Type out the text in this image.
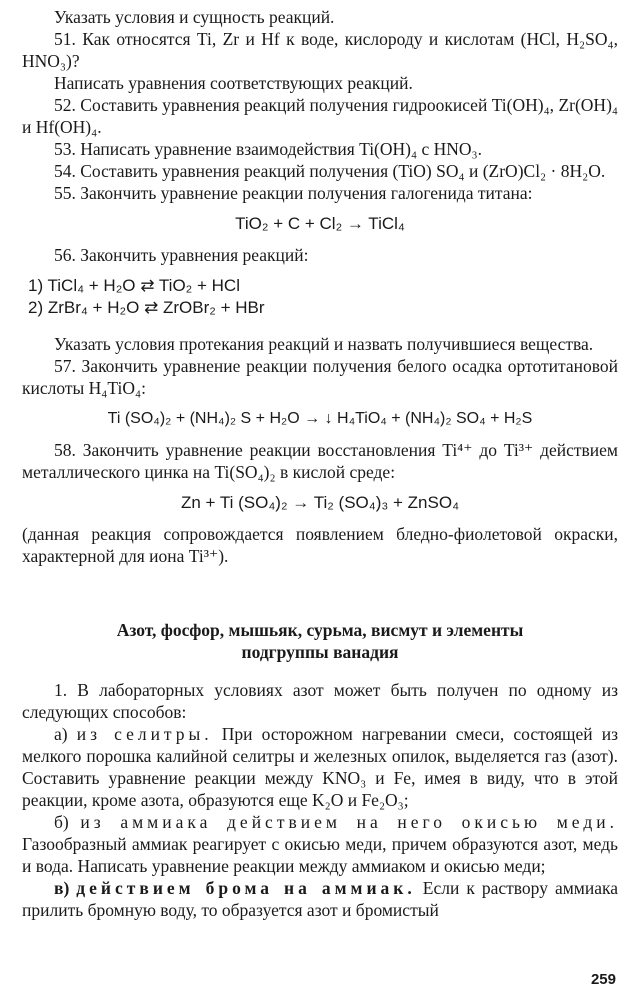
Указать условия и сущность реакций.

51. Как относятся Ti, Zr и Hf к воде, кислороду и кислотам (HCl, H₂SO₄, HNO₃)?

Написать уравнения соответствующих реакций.

52. Составить уравнения реакций получения гидроокисей Ti(OH)₄, Zr(OH)₄ и Hf(OH)₄.

53. Написать уравнение взаимодействия Ti(OH)₄ с HNO₃.

54. Составить уравнения реакций получения (TiO) SO₄ и (ZrO)Cl₂ · 8H₂O.

55. Закончить уравнение реакции получения галогенида титана:

TiO₂ + C + Cl₂ → TiCl₄

56. Закончить уравнения реакций:

1) TiCl₄ + H₂O ⇄ TiO₂ + HCl

2) ZrBr₄ + H₂O ⇄ ZrOBr₂ + HBr

Указать условия протекания реакций и назвать получившиеся вещества.

57. Закончить уравнение реакции получения белого осадка ортотитановой кислоты H₄TiO₄:

Ti (SO₄)₂ + (NH₄)₂ S + H₂O → ↓ H₄TiO₄ + (NH₄)₂ SO₄ + H₂S

58. Закончить уравнение реакции восстановления Ti⁴⁺ до Ti³⁺ действием металлического цинка на Ti(SO₄)₂ в кислой среде:

Zn + Ti (SO₄)₂ → Ti₂ (SO₄)₃ + ZnSO₄

(данная реакция сопровождается появлением бледно-фиолетовой окраски, характерной для иона Ti³⁺).

Азот, фосфор, мышьяк, сурьма, висмут и элементы
подгруппы ванадия

1. В лабораторных условиях азот может быть получен по одному из следующих способов:

а) из селитры. При осторожном нагревании смеси, состоящей из мелкого порошка калийной селитры и железных опилок, выделяется газ (азот). Составить уравнение реакции между KNO₃ и Fe, имея в виду, что в этой реакции, кроме азота, образуются еще K₂O и Fe₂O₃;

б) из аммиака действием на него окисью меди. Газообразный аммиак реагирует с окисью меди, причем образуются азот, медь и вода. Написать уравнение реакции между аммиаком и окисью меди;

в) действием брома на аммиак. Если к раствору аммиака прилить бромную воду, то образуется азот и бромистый

259
